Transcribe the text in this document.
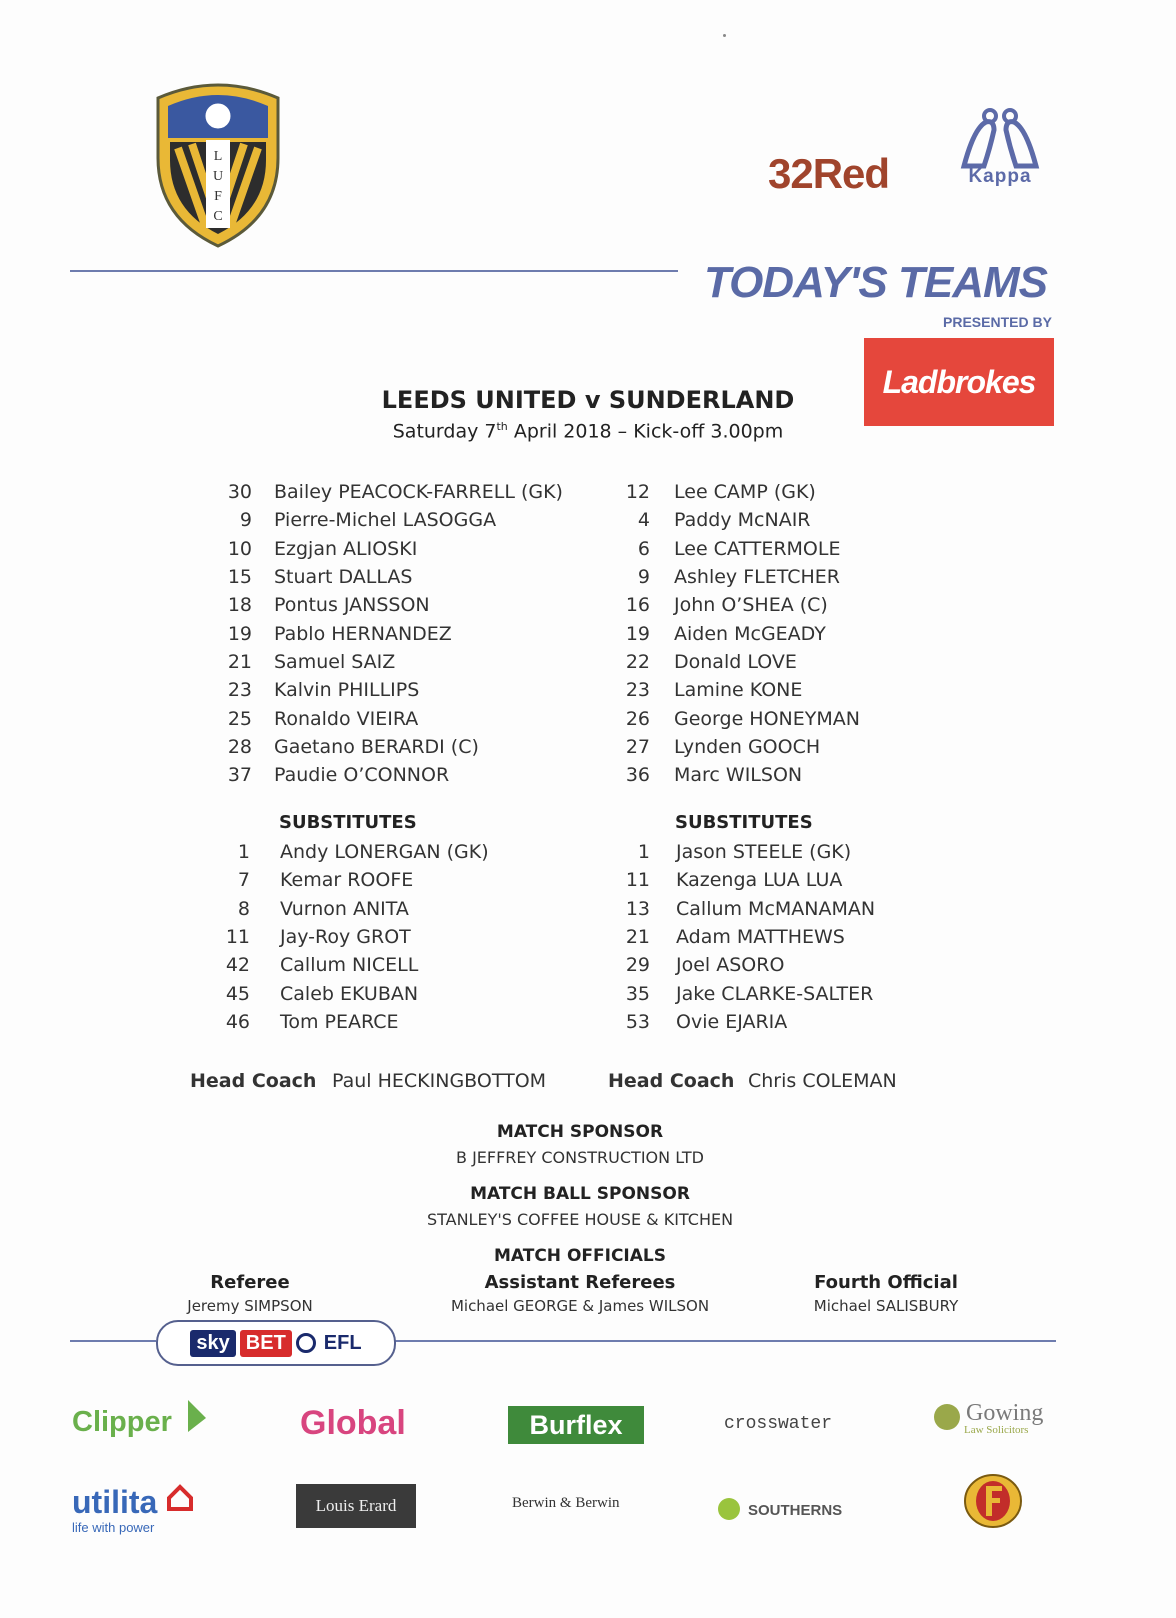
L
U
F
C
32Red	Kappa
TODAY'S TEAMS
PRESENTED BY
Ladbrokes
LEEDS UNITED v SUNDERLAND
Saturday 7th April 2018 – Kick-off 3.00pm
30 Bailey PEACOCK-FARRELL (GK)
9 Pierre-Michel LASOGGA
10 Ezgjan ALIOSKI
15 Stuart DALLAS
18 Pontus JANSSON
19 Pablo HERNANDEZ
21 Samuel SAIZ
23 Kalvin PHILLIPS
25 Ronaldo VIEIRA
28 Gaetano BERARDI (C)
37 Paudie O’CONNOR
12 Lee CAMP (GK)
4 Paddy McNAIR
6 Lee CATTERMOLE
9 Ashley FLETCHER
16 John O’SHEA (C)
19 Aiden McGEADY
22 Donald LOVE
23 Lamine KONE
26 George HONEYMAN
27 Lynden GOOCH
36 Marc WILSON
SUBSTITUTES	SUBSTITUTES
1 Andy LONERGAN (GK)
7 Kemar ROOFE
8 Vurnon ANITA
11 Jay-Roy GROT
42 Callum NICELL
45 Caleb EKUBAN
46 Tom PEARCE
1 Jason STEELE (GK)
11 Kazenga LUA LUA
13 Callum McMANAMAN
21 Adam MATTHEWS
29 Joel ASORO
35 Jake CLARKE-SALTER
53 Ovie EJARIA
Head Coach Paul HECKINGBOTTOM	Head Coach Chris COLEMAN
MATCH SPONSOR
B JEFFREY CONSTRUCTION LTD
MATCH BALL SPONSOR
STANLEY'S COFFEE HOUSE & KITCHEN
MATCH OFFICIALS
Referee
Jeremy SIMPSON
Assistant Referees
Michael GEORGE & James WILSON
Fourth Official
Michael SALISBURY
sky BET	EFL
Clipper	Global	Burflex	crosswater	Gowing
Law Solicitors
utilita
life with power
Louis Erard	Berwin & Berwin	SOUTHERNS
